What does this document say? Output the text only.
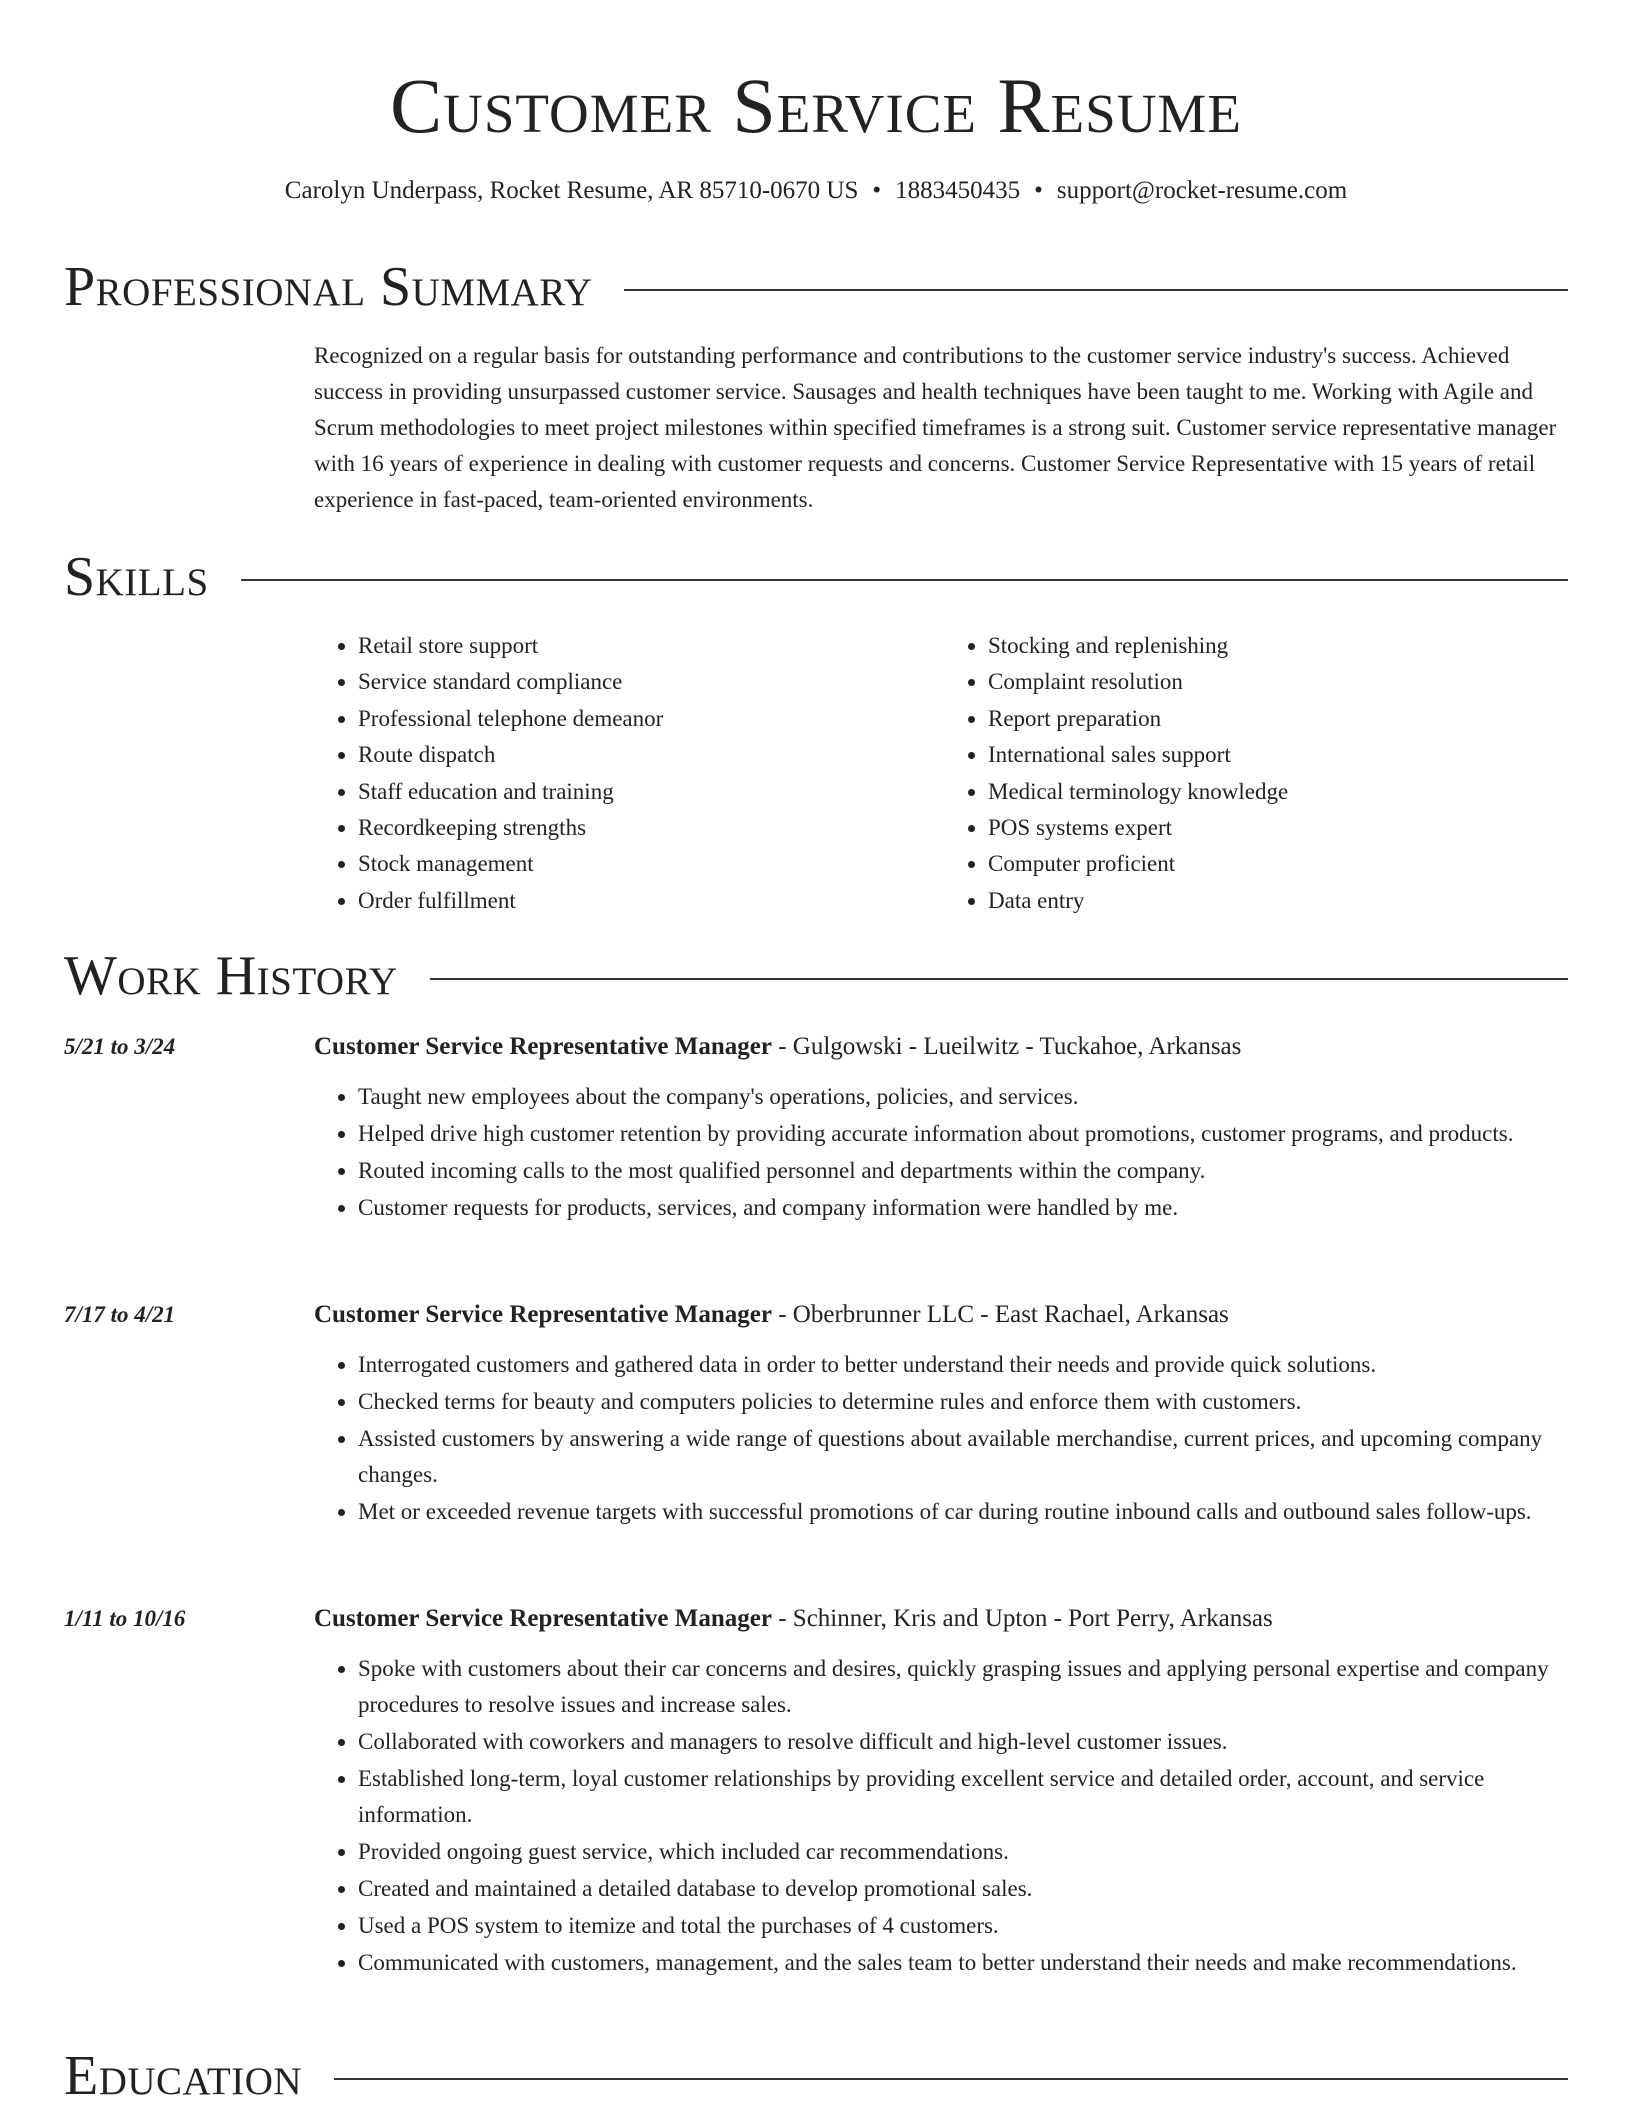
Customer Service Resume
Carolyn Underpass, Rocket Resume, AR 85710-0670 US • 1883450435 • support@rocket-resume.com
Professional Summary

Recognized on a regular basis for outstanding performance and contributions to the customer service industry's success. Achieved success in providing unsurpassed customer service. Sausages and health techniques have been taught to me. Working with Agile and Scrum methodologies to meet project milestones within specified timeframes is a strong suit. Customer service representative manager with 16 years of experience in dealing with customer requests and concerns. Customer Service Representative with 15 years of retail experience in fast-paced, team-oriented environments.

Skills
• Retail store support
• Service standard compliance
• Professional telephone demeanor
• Route dispatch
• Staff education and training
• Recordkeeping strengths
• Stock management
• Order fulfillment
• Stocking and replenishing
• Complaint resolution
• Report preparation
• International sales support
• Medical terminology knowledge
• POS systems expert
• Computer proficient
• Data entry
Work History
5/21 to 3/24	Customer Service Representative Manager - Gulgowski - Lueilwitz - Tuckahoe, Arkansas
• Taught new employees about the company's operations, policies, and services.
• Helped drive high customer retention by providing accurate information about promotions, customer programs, and products.
• Routed incoming calls to the most qualified personnel and departments within the company.
• Customer requests for products, services, and company information were handled by me.
7/17 to 4/21	Customer Service Representative Manager - Oberbrunner LLC - East Rachael, Arkansas
• Interrogated customers and gathered data in order to better understand their needs and provide quick solutions.
• Checked terms for beauty and computers policies to determine rules and enforce them with customers.
• Assisted customers by answering a wide range of questions about available merchandise, current prices, and upcoming company changes.
• Met or exceeded revenue targets with successful promotions of car during routine inbound calls and outbound sales follow-ups.
1/11 to 10/16	Customer Service Representative Manager - Schinner, Kris and Upton - Port Perry, Arkansas
• Spoke with customers about their car concerns and desires, quickly grasping issues and applying personal expertise and company procedures to resolve issues and increase sales.
• Collaborated with coworkers and managers to resolve difficult and high-level customer issues.
• Established long-term, loyal customer relationships by providing excellent service and detailed order, account, and service information.
• Provided ongoing guest service, which included car recommendations.
• Created and maintained a detailed database to develop promotional sales.
• Used a POS system to itemize and total the purchases of 4 customers.
• Communicated with customers, management, and the sales team to better understand their needs and make recommendations.
Education
